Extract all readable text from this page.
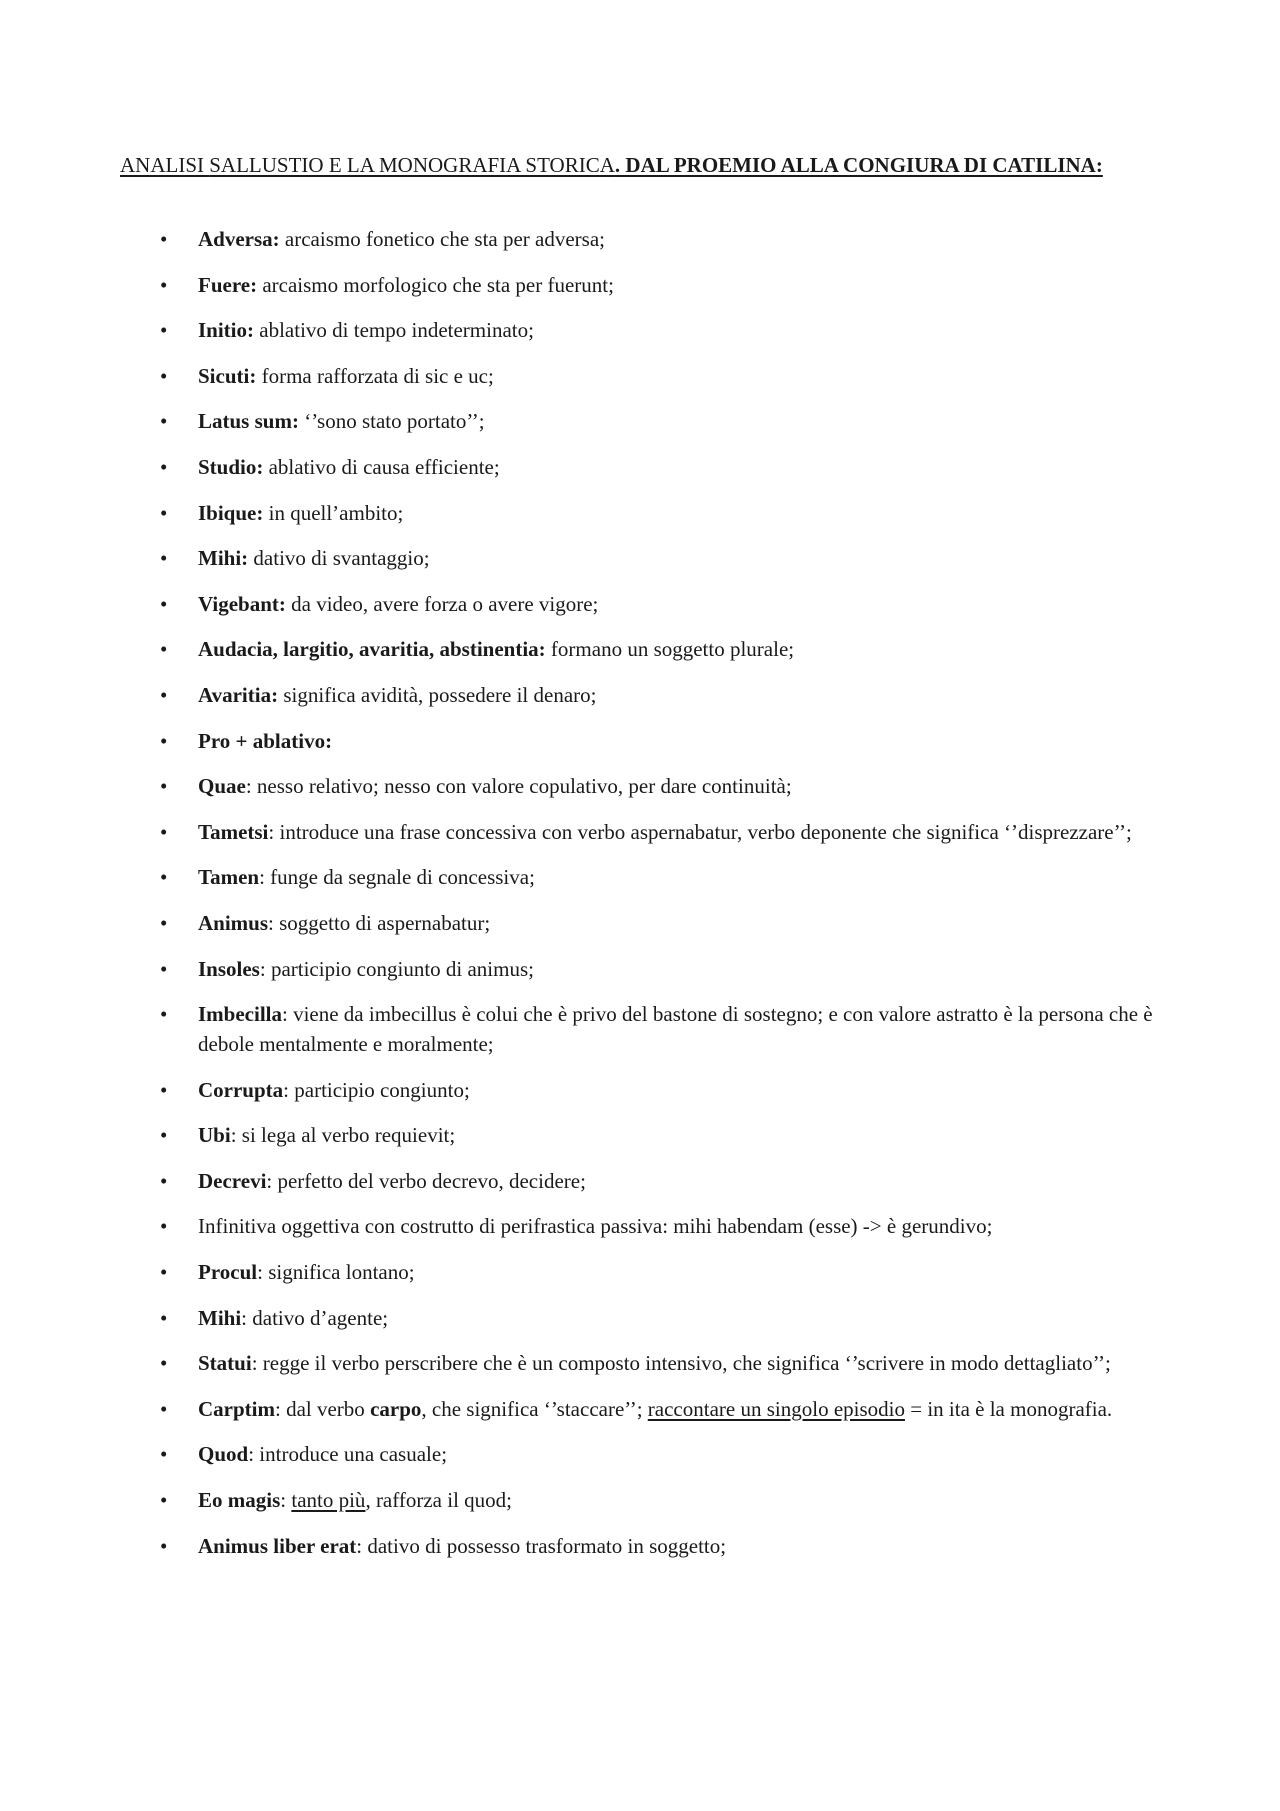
ANALISI SALLUSTIO E LA MONOGRAFIA STORICA. DAL PROEMIO ALLA CONGIURA DI CATILINA:
• Adversa: arcaismo fonetico che sta per adversa;
• Fuere: arcaismo morfologico che sta per fuerunt;
• Initio: ablativo di tempo indeterminato;
• Sicuti: forma rafforzata di sic e uc;
• Latus sum: ‘’sono stato portato’’;
• Studio: ablativo di causa efficiente;
• Ibique: in quell’ambito;
• Mihi: dativo di svantaggio;
• Vigebant: da video, avere forza o avere vigore;
• Audacia, largitio, avaritia, abstinentia: formano un soggetto plurale;
• Avaritia: significa avidità, possedere il denaro;
• Pro + ablativo:
• Quae: nesso relativo; nesso con valore copulativo, per dare continuità;
• Tametsi: introduce una frase concessiva con verbo aspernabatur, verbo deponente che significa ‘’disprezzare’’;
• Tamen: funge da segnale di concessiva;
• Animus: soggetto di aspernabatur;
• Insoles: participio congiunto di animus;
• Imbecilla: viene da imbecillus è colui che è privo del bastone di sostegno; e con valore astratto è la persona che è debole mentalmente e moralmente;
• Corrupta: participio congiunto;
• Ubi: si lega al verbo requievit;
• Decrevi: perfetto del verbo decrevo, decidere;
• Infinitiva oggettiva con costrutto di perifrastica passiva: mihi habendam (esse) -> è gerundivo;
• Procul: significa lontano;
• Mihi: dativo d’agente;
• Statui: regge il verbo perscribere che è un composto intensivo, che significa ‘’scrivere in modo dettagliato’’;
• Carptim: dal verbo carpo, che significa ‘’staccare’’; raccontare un singolo episodio = in ita è la monografia.
• Quod: introduce una casuale;
• Eo magis: tanto più, rafforza il quod;
• Animus liber erat: dativo di possesso trasformato in soggetto;
